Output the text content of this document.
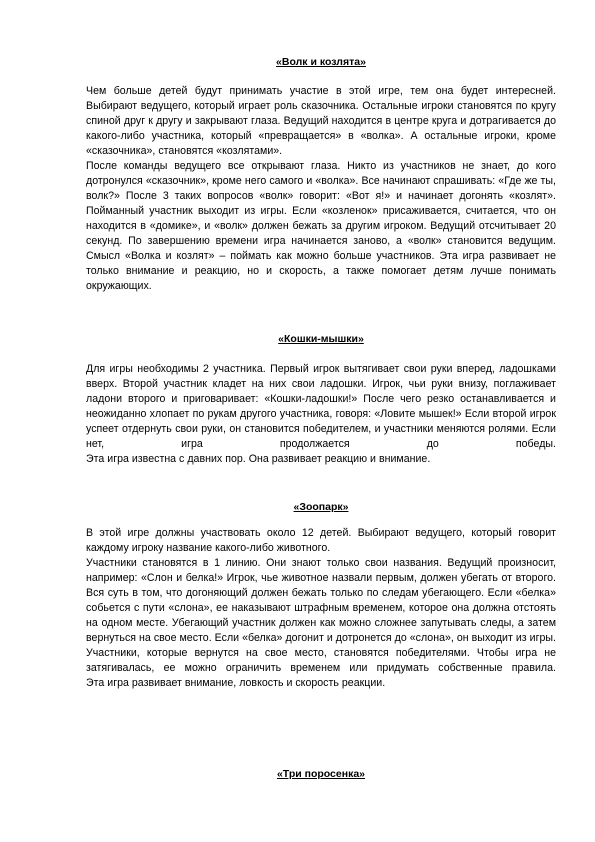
«Волк и козлята»

Чем больше детей будут принимать участие в этой игре, тем она будет интересней. Выбирают ведущего, который играет роль сказочника. Остальные игроки становятся по кругу спиной друг к другу и закрывают глаза. Ведущий находится в центре круга и дотрагивается до какого-либо участника, который «превращается» в «волка». А остальные игроки, кроме «сказочника», становятся «козлятами».

После команды ведущего все открывают глаза. Никто из участников не знает, до кого дотронулся «сказочник», кроме него самого и «волка». Все начинают спрашивать: «Где же ты, волк?» После 3 таких вопросов «волк» говорит: «Вот я!» и начинает догонять «козлят». Пойманный участник выходит из игры. Если «козленок» присаживается, считается, что он находится в «домике», и «волк» должен бежать за другим игроком. Ведущий отсчитывает 20 секунд. По завершению времени игра начинается заново, а «волк» становится ведущим. Смысл «Волка и козлят» – поймать как можно больше участников. Эта игра развивает не только внимание и реакцию, но и скорость, а также помогает детям лучше понимать окружающих.

«Кошки-мышки»

Для игры необходимы 2 участника. Первый игрок вытягивает свои руки вперед, ладошками вверх. Второй участник кладет на них свои ладошки. Игрок, чьи руки внизу, поглаживает ладони второго и приговаривает: «Кошки-ладошки!» После чего резко останавливается и неожиданно хлопает по рукам другого участника, говоря: «Ловите мышек!» Если второй игрок успеет отдернуть свои руки, он становится победителем, и участники меняются ролями. Если нет, игра продолжается до победы.

Эта игра известна с давних пор. Она развивает реакцию и внимание.

«Зоопарк»

В этой игре должны участвовать около 12 детей. Выбирают ведущего, который говорит каждому игроку название какого-либо животного.

Участники становятся в 1 линию. Они знают только свои названия. Ведущий произносит, например: «Слон и белка!» Игрок, чье животное назвали первым, должен убегать от второго. Вся суть в том, что догоняющий должен бежать только по следам убегающего. Если «белка» собьется с пути «слона», ее наказывают штрафным временем, которое она должна отстоять на одном месте. Убегающий участник должен как можно сложнее запутывать следы, а затем вернуться на свое место. Если «белка» догонит и дотронется до «слона», он выходит из игры.

Участники, которые вернутся на свое место, становятся победителями. Чтобы игра не затягивалась, ее можно ограничить временем или придумать собственные правила.

Эта игра развивает внимание, ловкость и скорость реакции.

«Три поросенка»
